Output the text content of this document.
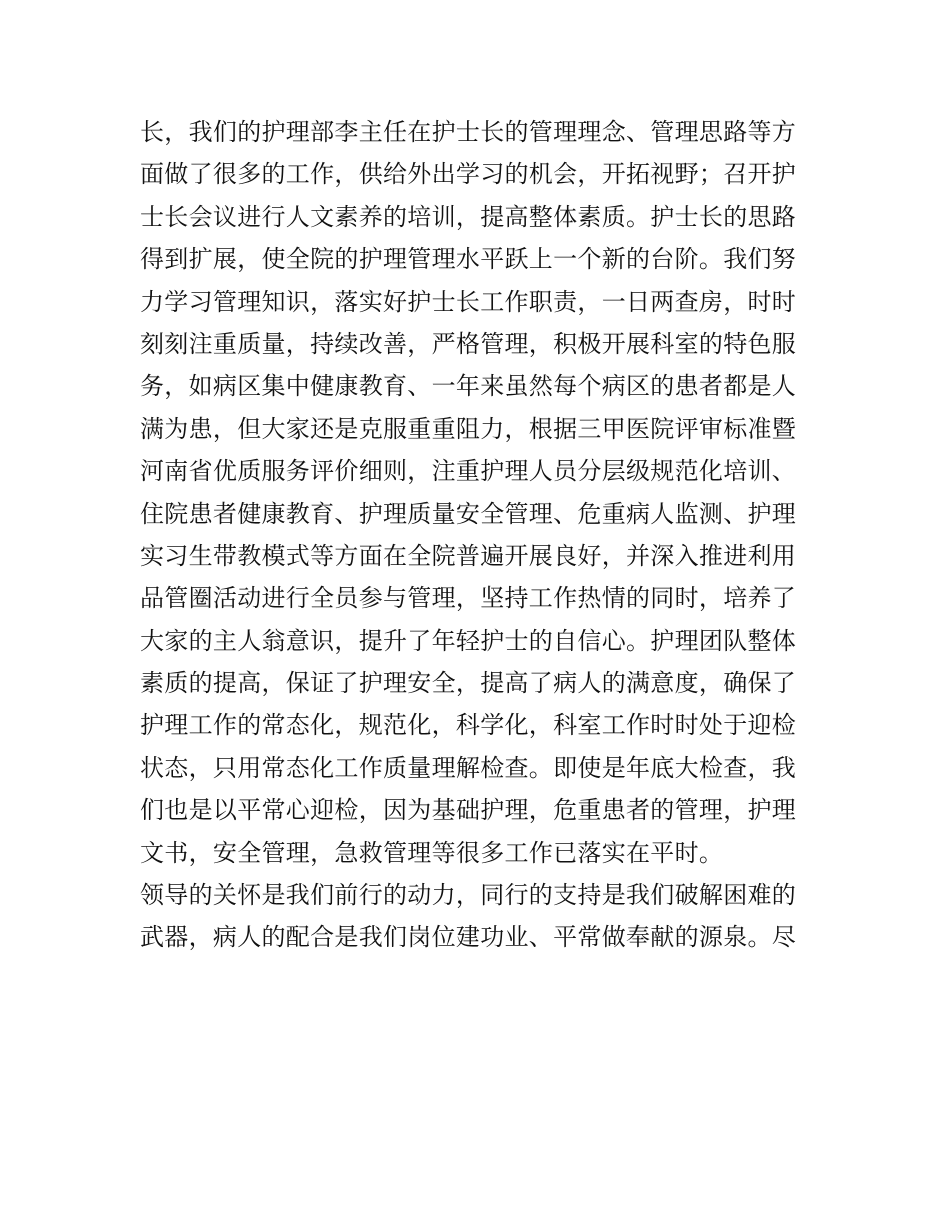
长，我们的护理部李主任在护士长的管理理念、管理思路等方
面做了很多的工作，供给外出学习的机会，开拓视野；召开护
士长会议进行人文素养的培训，提高整体素质。护士长的思路
得到扩展，使全院的护理管理水平跃上一个新的台阶。我们努
力学习管理知识，落实好护士长工作职责，一日两查房，时时
刻刻注重质量，持续改善，严格管理，积极开展科室的特色服
务，如病区集中健康教育、一年来虽然每个病区的患者都是人
满为患，但大家还是克服重重阻力，根据三甲医院评审标准暨
河南省优质服务评价细则，注重护理人员分层级规范化培训、
住院患者健康教育、护理质量安全管理、危重病人监测、护理
实习生带教模式等方面在全院普遍开展良好，并深入推进利用
品管圈活动进行全员参与管理，坚持工作热情的同时，培养了
大家的主人翁意识，提升了年轻护士的自信心。护理团队整体
素质的提高，保证了护理安全，提高了病人的满意度，确保了
护理工作的常态化，规范化，科学化，科室工作时时处于迎检
状态，只用常态化工作质量理解检查。即使是年底大检查，我
们也是以平常心迎检，因为基础护理，危重患者的管理，护理
文书，安全管理，急救管理等很多工作已落实在平时。
领导的关怀是我们前行的动力，同行的支持是我们破解困难的
武器，病人的配合是我们岗位建功业、平常做奉献的源泉。尽
